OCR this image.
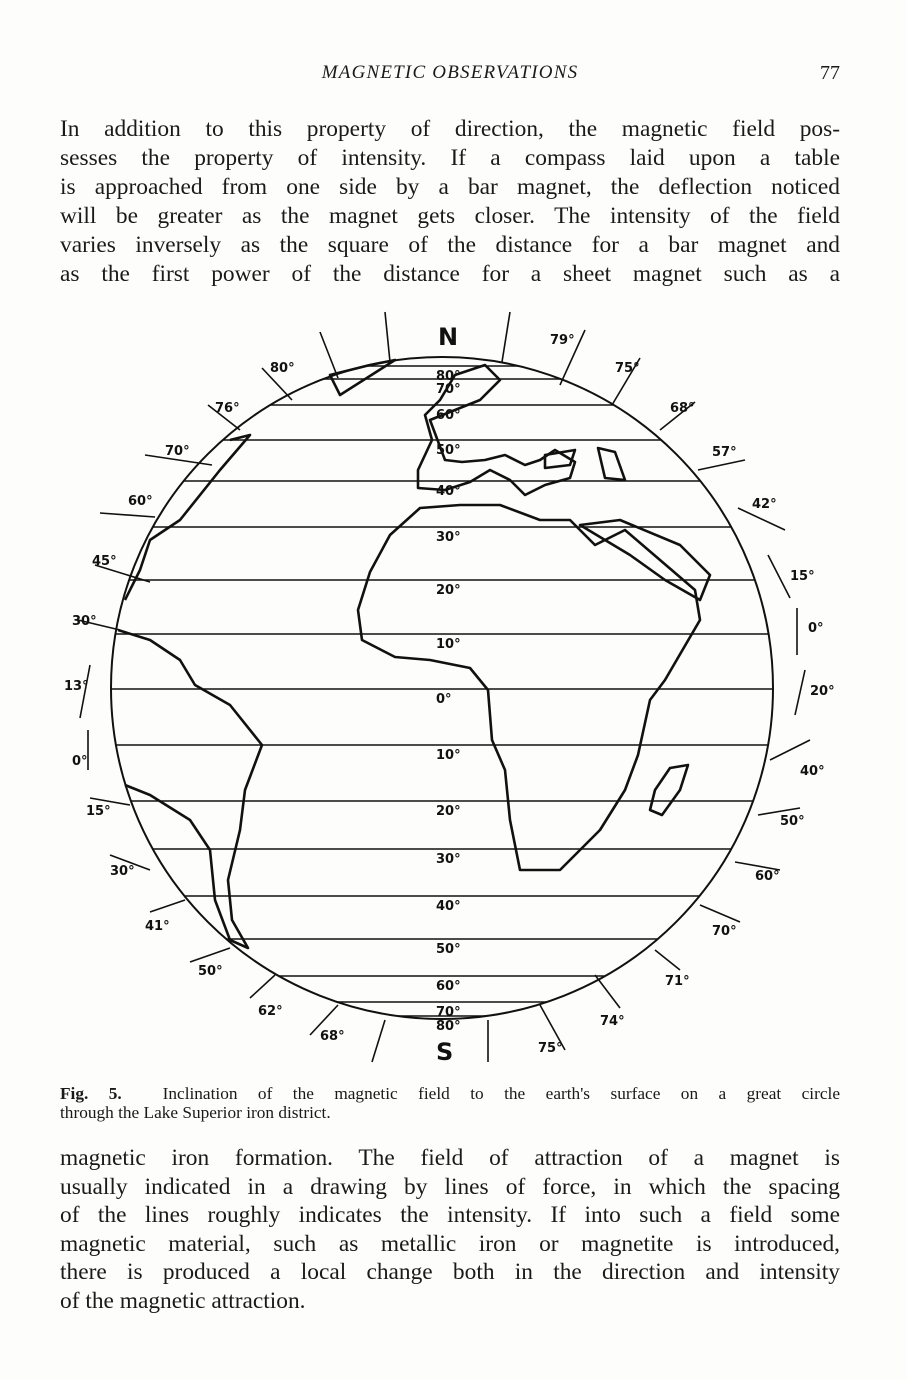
MAGNETIC OBSERVATIONS	77
In addition to this property of direction, the magnetic field pos-
sesses the property of intensity. If a compass laid upon a table
is approached from one side by a bar magnet, the deflection noticed
will be greater as the magnet gets closer. The intensity of the field
varies inversely as the square of the distance for a bar magnet and
as the first power of the distance for a sheet magnet such as a
N
S
80°
70°
60°
50°
40°
30°
20°
10°
0°
10°
20°
30°
40°
50°
60°
70°
80°
79°
75°
68°
57°
42°
15°
0°
20°
40°
50°
60°
70°
71°
74°
75°
80°
76°
70°
60°
45°
30°
13°
0°
15°
30°
41°
50°
62°
68°
Fig. 5. Inclination of the magnetic field to the earth's surface on a great circle
through the Lake Superior iron district.
magnetic iron formation. The field of attraction of a magnet is
usually indicated in a drawing by lines of force, in which the spacing
of the lines roughly indicates the intensity. If into such a field some
magnetic material, such as metallic iron or magnetite is introduced,
there is produced a local change both in the direction and intensity
of the magnetic attraction.
